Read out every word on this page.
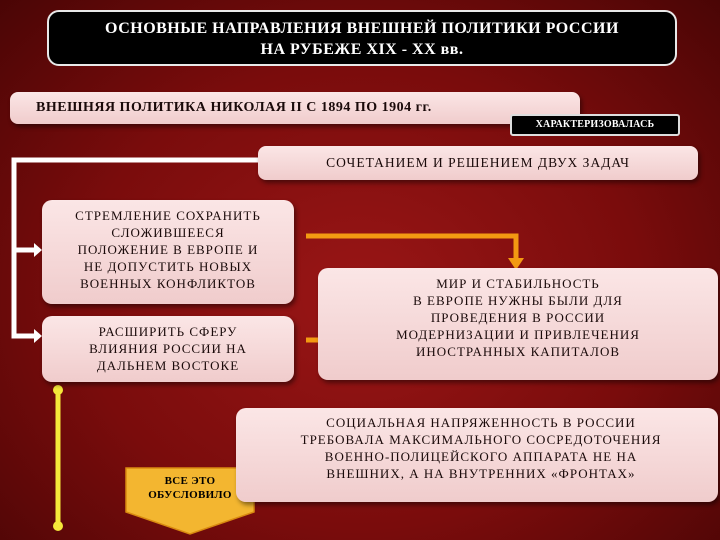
ОСНОВНЫЕ НАПРАВЛЕНИЯ ВНЕШНЕЙ ПОЛИТИКИ РОССИИ
НА РУБЕЖЕ XIX - XX вв.
ВНЕШНЯЯ ПОЛИТИКА НИКОЛАЯ II С 1894 ПО 1904 гг.
ХАРАКТЕРИЗОВАЛАСЬ
СОЧЕТАНИЕМ И РЕШЕНИЕМ ДВУХ ЗАДАЧ
СТРЕМЛЕНИЕ СОХРАНИТЬ
СЛОЖИВШЕЕСЯ
ПОЛОЖЕНИЕ В ЕВРОПЕ И
НЕ ДОПУСТИТЬ НОВЫХ
ВОЕННЫХ КОНФЛИКТОВ
РАСШИРИТЬ СФЕРУ
ВЛИЯНИЯ РОССИИ НА
ДАЛЬНЕМ ВОСТОКЕ
МИР И СТАБИЛЬНОСТЬ
В ЕВРОПЕ НУЖНЫ БЫЛИ ДЛЯ
ПРОВЕДЕНИЯ В РОССИИ
МОДЕРНИЗАЦИИ И ПРИВЛЕЧЕНИЯ
ИНОСТРАННЫХ КАПИТАЛОВ
СОЦИАЛЬНАЯ НАПРЯЖЕННОСТЬ В РОССИИ
ТРЕБОВАЛА МАКСИМАЛЬНОГО СОСРЕДОТОЧЕНИЯ
ВОЕННО-ПОЛИЦЕЙСКОГО АППАРАТА НЕ НА
ВНЕШНИХ, А НА ВНУТРЕННИХ «ФРОНТАХ»
ВСЕ ЭТО
ОБУСЛОВИЛО
